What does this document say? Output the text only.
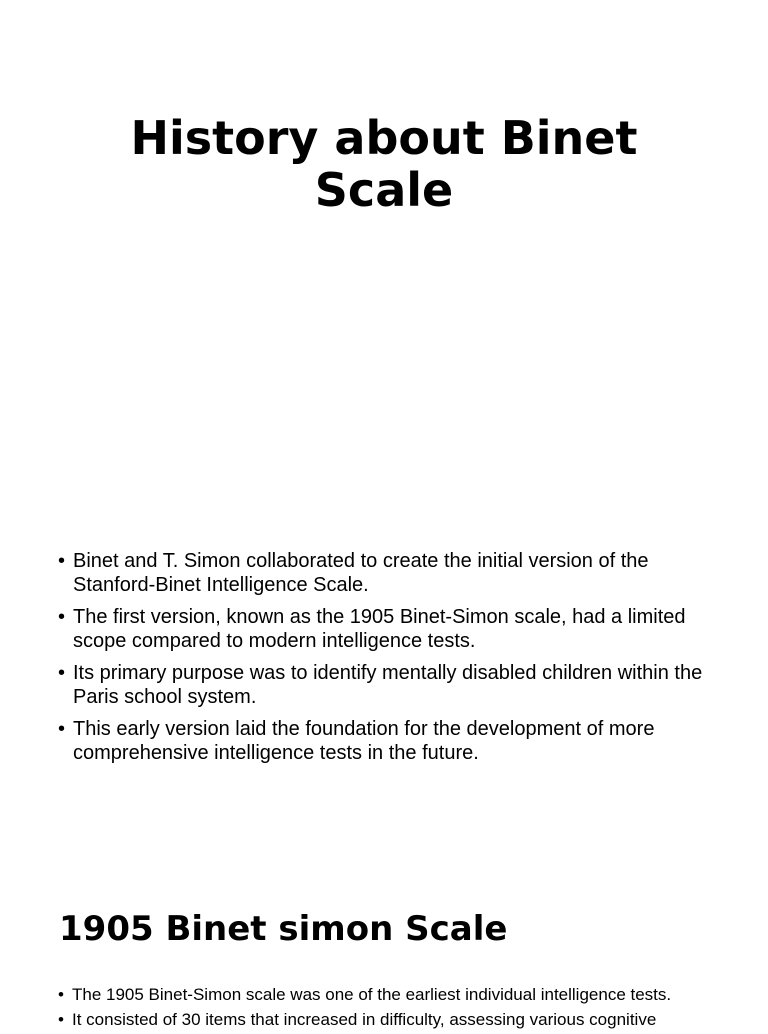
History about Binet
Scale
• Binet and T. Simon collaborated to create the initial version of the Stanford-Binet Intelligence Scale.
• The first version, known as the 1905 Binet-Simon scale, had a limited scope compared to modern intelligence tests.
• Its primary purpose was to identify mentally disabled children within the Paris school system.
• This early version laid the foundation for the development of more comprehensive intelligence tests in the future.
1905 Binet simon Scale
• The 1905 Binet-Simon scale was one of the earliest individual intelligence tests.
• It consisted of 30 items that increased in difficulty, assessing various cognitive
